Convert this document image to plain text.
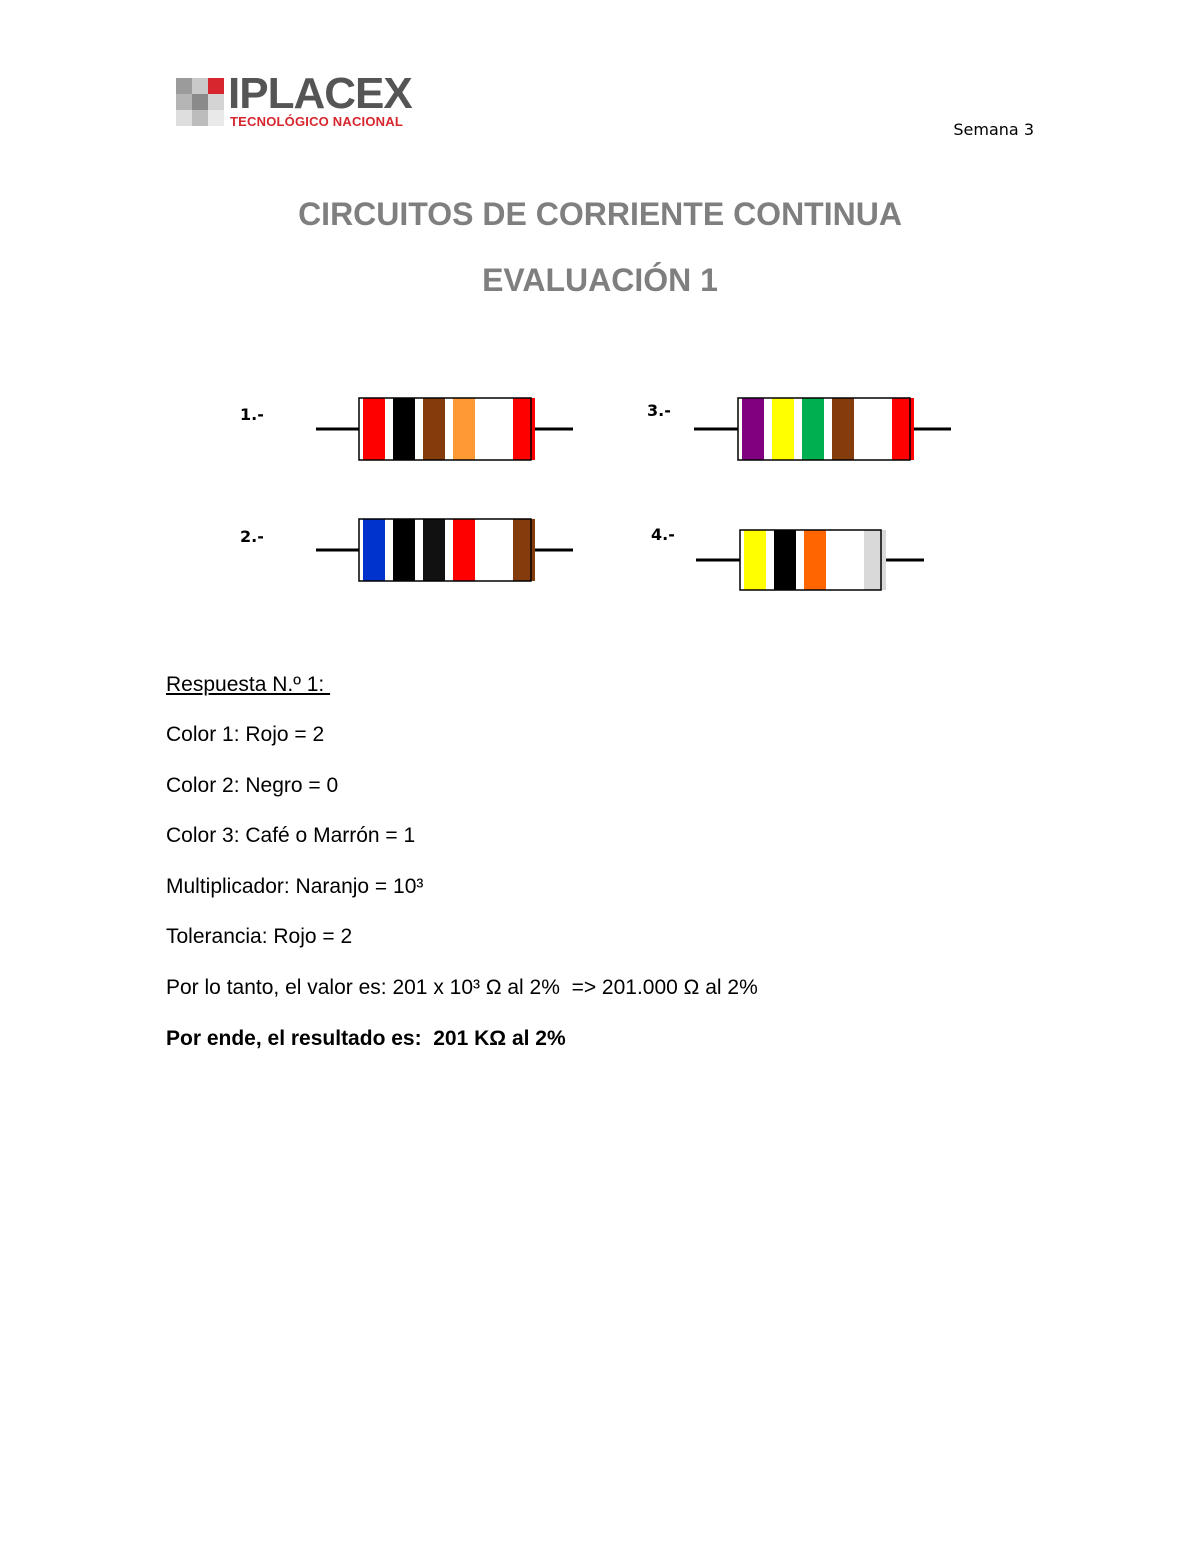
IPLACEX
TECNOLÓGICO NACIONAL	Semana 3
CIRCUITOS DE CORRIENTE CONTINUA
EVALUACIÓN 1
1.-
2.-
3.-
4.-
Respuesta N.º 1:
Color 1: Rojo = 2
Color 2: Negro = 0
Color 3: Café o Marrón = 1
Multiplicador: Naranjo = 10³
Tolerancia: Rojo = 2
Por lo tanto, el valor es: 201 x 10³ Ω al 2%  => 201.000 Ω al 2%
Por ende, el resultado es:  201 KΩ al 2%
